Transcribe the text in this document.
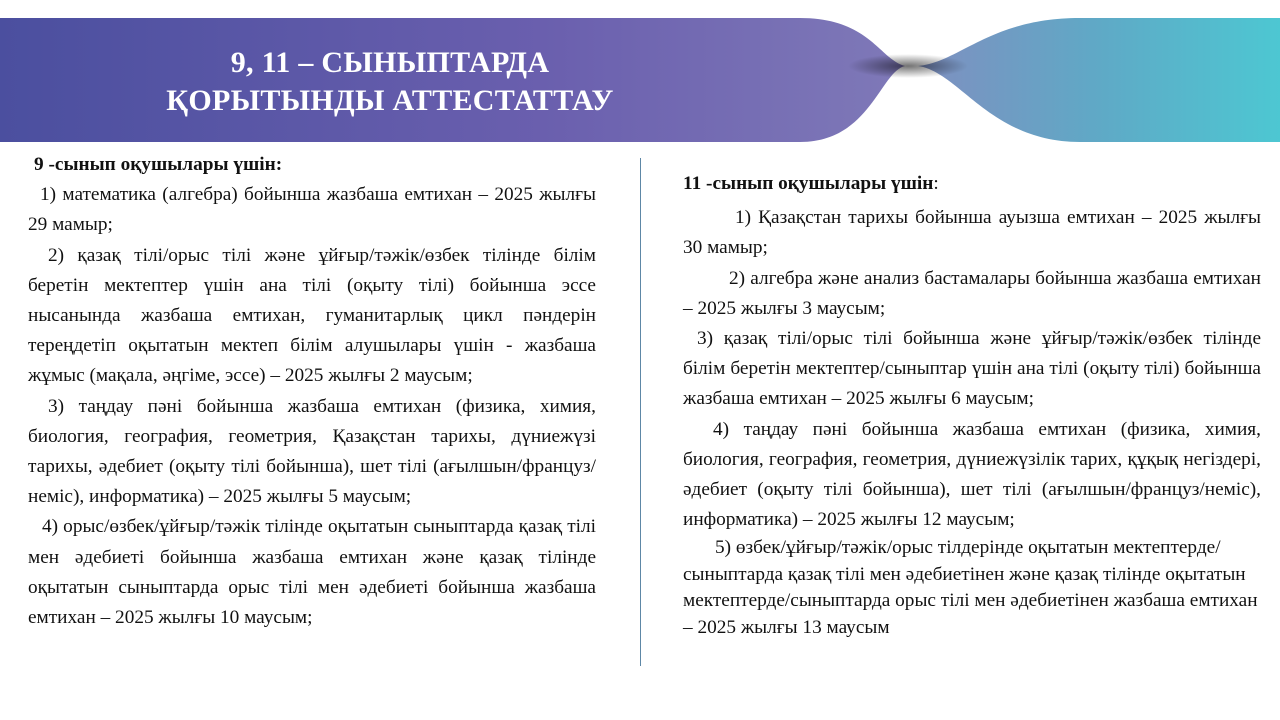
9, 11 – СЫНЫПТАРДА
ҚОРЫТЫНДЫ АТТЕСТАТТАУ

9 -сынып оқушылары үшін:

1) математика (алгебра) бойынша жазбаша емтихан – 2025 жылғы 29 мамыр;

2) қазақ тілі/орыс тілі және ұйғыр/тәжік/өзбек тілінде білім беретін мектептер үшін ана тілі (оқыту тілі) бойынша эссе нысанында жазбаша емтихан, гуманитарлық цикл пәндерін тереңдетіп оқытатын мектеп білім алушылары үшін - жазбаша жұмыс (мақала, әңгіме, эссе) – 2025 жылғы 2 маусым;

3) таңдау пәні бойынша жазбаша емтихан (физика, химия, биология, география, геометрия, Қазақстан тарихы, дүниежүзі тарихы, әдебиет (оқыту тілі бойынша), шет тілі (ағылшын/француз/неміс), информатика) – 2025 жылғы 5 маусым;

4) орыс/өзбек/ұйғыр/тәжік тілінде оқытатын сыныптарда қазақ тілі мен әдебиеті бойынша жазбаша емтихан және қазақ тілінде оқытатын сыныптарда орыс тілі мен әдебиеті бойынша жазбаша емтихан – 2025 жылғы 10 маусым;

11 -сынып оқушылары үшін:

1) Қазақстан тарихы бойынша ауызша емтихан – 2025 жылғы 30 мамыр;

2) алгебра және анализ бастамалары бойынша жазбаша емтихан – 2025 жылғы 3 маусым;

3) қазақ тілі/орыс тілі бойынша және ұйғыр/тәжік/өзбек тілінде білім беретін мектептер/сыныптар үшін ана тілі (оқыту тілі) бойынша жазбаша емтихан – 2025 жылғы 6 маусым;

4) таңдау пәні бойынша жазбаша емтихан (физика, химия, биология, география, геометрия, дүниежүзілік тарих, құқық негіздері, әдебиет (оқыту тілі бойынша), шет тілі (ағылшын/француз/неміс), информатика) – 2025 жылғы 12 маусым;

5) өзбек/ұйғыр/тәжік/орыс тілдерінде оқытатын мектептерде/сыныптарда қазақ тілі мен әдебиетінен және қазақ тілінде оқытатын мектептерде/сыныптарда орыс тілі мен әдебиетінен жазбаша емтихан – 2025 жылғы 13 маусым
